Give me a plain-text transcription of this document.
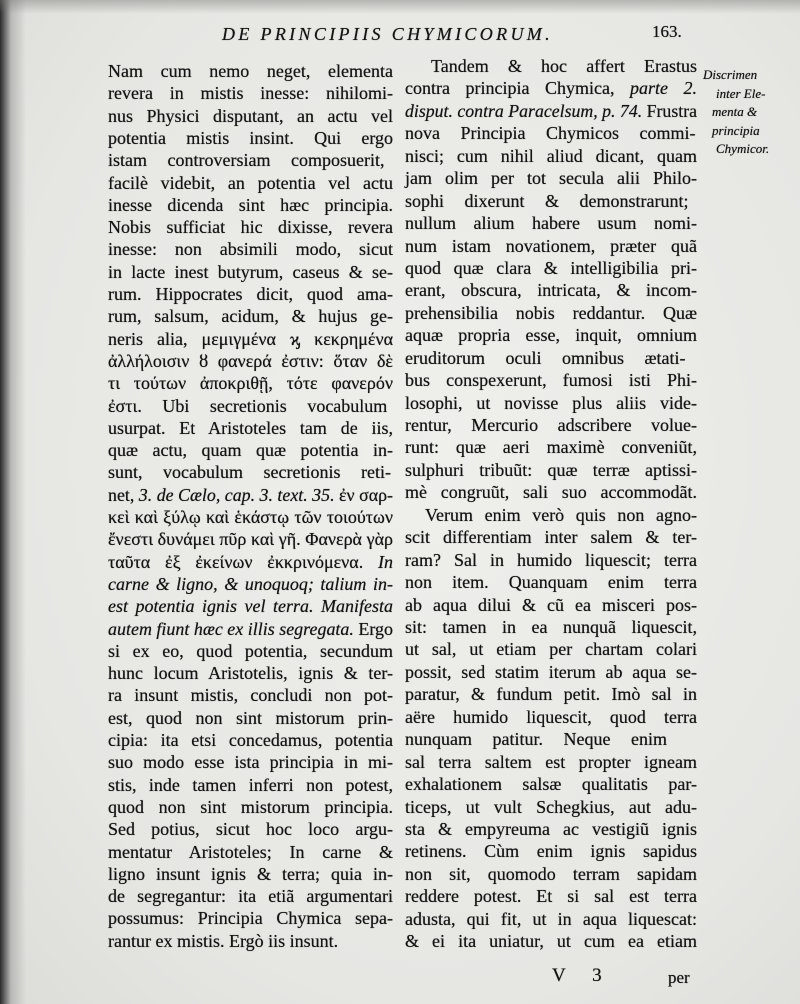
DE PRINCIPIIS CHYMICORUM.	163.
Nam cum nemo neget, elementa
revera in mistis inesse: nihilomi-
nus Physici disputant, an actu vel
potentia mistis insint. Qui ergo
istam controversiam composuerit,
facilè videbit, an potentia vel actu
inesse dicenda sint hæc principia.
Nobis sufficiat hic dixisse, revera
inesse: non absimili modo, sicut
in lacte inest butyrum, caseus & se-
rum. Hippocrates dicit, quod ama-
rum, salsum, acidum, & hujus ge-
neris alia, μεμιγμένα ϗ κεκρημένα
ἀλλήλοισιν ȣ φανερά ἐστιν: ὅταν δὲ
τι τούτων ἀποκριθῇ, τότε φανερόν
ἐστι. Ubi secretionis vocabulum
usurpat. Et Aristoteles tam de iis,
quæ actu, quam quæ potentia in-
sunt, vocabulum secretionis reti-
net, 3. de Cælo, cap. 3. text. 35. ἐν σαρ-
κεὶ καὶ ξύλῳ καὶ ἑκάστῳ τῶν τοιούτων
ἔνεστι δυνάμει πῦρ καὶ γῆ. Φανερὰ γὰρ
ταῦτα ἐξ ἐκείνων ἐκκρινόμενα. In
carne & ligno, & unoquoq; talium in-
est potentia ignis vel terra. Manifesta
autem fiunt hæc ex illis segregata. Ergo
si ex eo, quod potentia, secundum
hunc locum Aristotelis, ignis & ter-
ra insunt mistis, concludi non pot-
est, quod non sint mistorum prin-
cipia: ita etsi concedamus, potentia
suo modo esse ista principia in mi-
stis, inde tamen inferri non potest,
quod non sint mistorum principia.
Sed potius, sicut hoc loco argu-
mentatur Aristoteles; In carne &
ligno insunt ignis & terra; quia in-
de segregantur: ita etiã argumentari
possumus: Principia Chymica sepa-
rantur ex mistis. Ergò iis insunt.
Tandem & hoc affert Erastus
contra principia Chymica, parte 2.
disput. contra Paracelsum, p. 74. Frustra
nova Principia Chymicos commi-
nisci; cum nihil aliud dicant, quam
jam olim per tot secula alii Philo-
sophi dixerunt & demonstrarunt;
nullum alium habere usum nomi-
num istam novationem, præter quã
quod quæ clara & intelligibilia pri-
erant, obscura, intricata, & incom-
prehensibilia nobis reddantur. Quæ
aquæ propria esse, inquit, omnium
eruditorum oculi omnibus ætati-
bus conspexerunt, fumosi isti Phi-
losophi, ut novisse plus aliis vide-
rentur, Mercurio adscribere volue-
runt: quæ aeri maximè conveniũt,
sulphuri tribuũt: quæ terræ aptissi-
mè congruũt, sali suo accommodãt.
Verum enim verò quis non agno-
scit differentiam inter salem & ter-
ram? Sal in humido liquescit; terra
non item. Quanquam enim terra
ab aqua dilui & cũ ea misceri pos-
sit: tamen in ea nunquã liquescit,
ut sal, ut etiam per chartam colari
possit, sed statim iterum ab aqua se-
paratur, & fundum petit. Imò sal in
aëre humido liquescit, quod terra
nunquam patitur. Neque enim
sal terra saltem est propter igneam
exhalationem salsæ qualitatis par-
ticeps, ut vult Schegkius, aut adu-
sta & empyreuma ac vestigiũ ignis
retinens. Cùm enim ignis sapidus
non sit, quomodo terram sapidam
reddere potest. Et si sal est terra
adusta, qui fit, ut in aqua liquescat:
& ei ita uniatur, ut cum ea etiam
Discrimen
inter Ele-
menta &
principia
Chymicor.
V 3	per
